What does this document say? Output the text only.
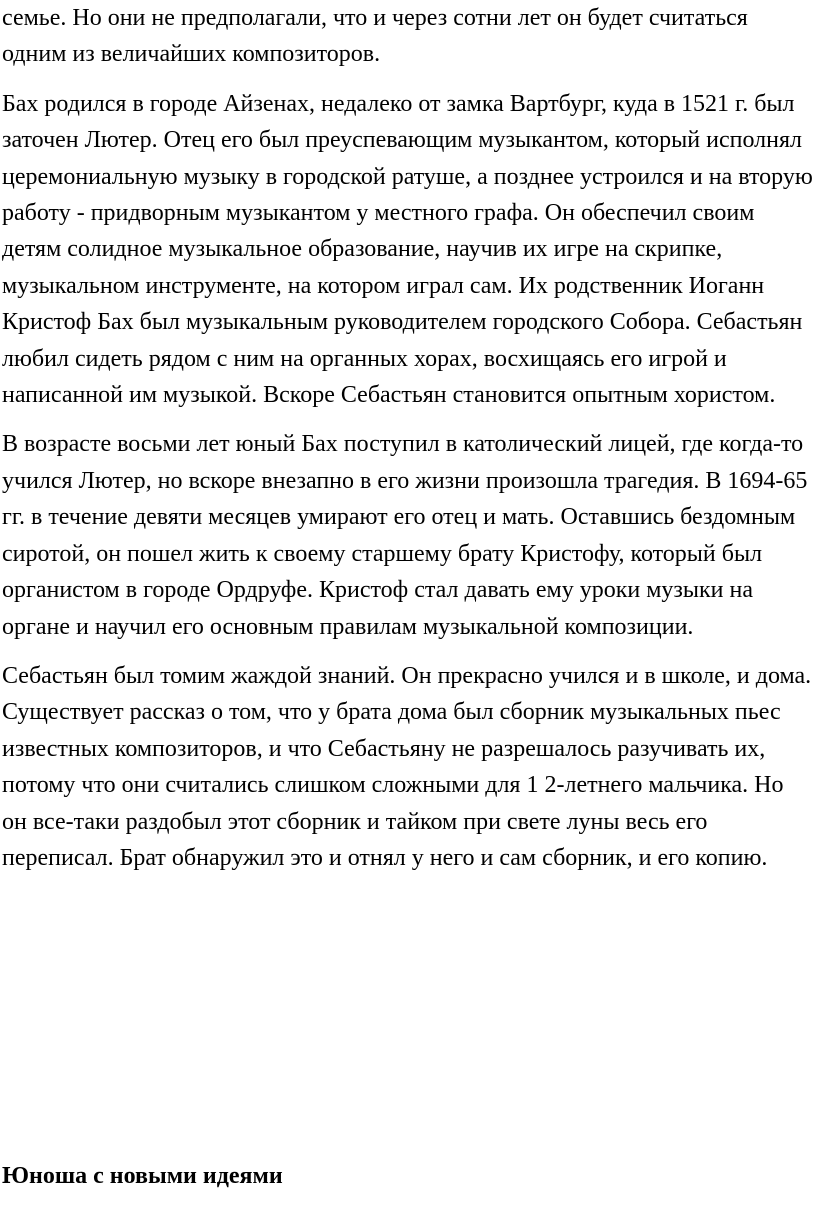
семье. Но они не предполагали, что и через сотни лет он будет считаться одним из величайших композиторов.

Бах родился в городе Айзенах, недалеко от замка Вартбург, куда в 1521 г. был заточен Лютер. Отец его был преуспевающим музыкантом, который исполнял церемониальную музыку в городской ратуше, а позднее устроился и на вторую работу - придворным музыкантом у местного графа. Он обеспечил своим детям солидное музыкальное образование, научив их игре на скрипке, музыкальном инструменте, на котором играл сам. Их родственник Иоганн Кристоф Бах был музыкальным руководителем городского Собора. Себастьян любил сидеть рядом с ним на органных хорах, восхищаясь его игрой и написанной им музыкой. Вскоре Себастьян становится опытным хористом.

В возрасте восьми лет юный Бах поступил в католический лицей, где когда-то учился Лютер, но вскоре внезапно в его жизни произошла трагедия. В 1694-65 гг. в течение девяти месяцев умирают его отец и мать. Оставшись бездомным сиротой, он пошел жить к своему старшему брату Кристофу, который был органистом в городе Ордруфе. Кристоф стал давать ему уроки музыки на органе и научил его основным правилам музыкальной композиции.

Себастьян был томим жаждой знаний. Он прекрасно учился и в школе, и дома. Существует рассказ о том, что у брата дома был сборник музыкальных пьес известных композиторов, и что Себастьяну не разрешалось разучивать их, потому что они считались слишком сложными для 1 2-летнего мальчика. Но он все-таки раздобыл этот сборник и тайком при свете луны весь его переписал. Брат обнаружил это и отнял у него и сам сборник, и его копию.

Юноша с новыми идеями
